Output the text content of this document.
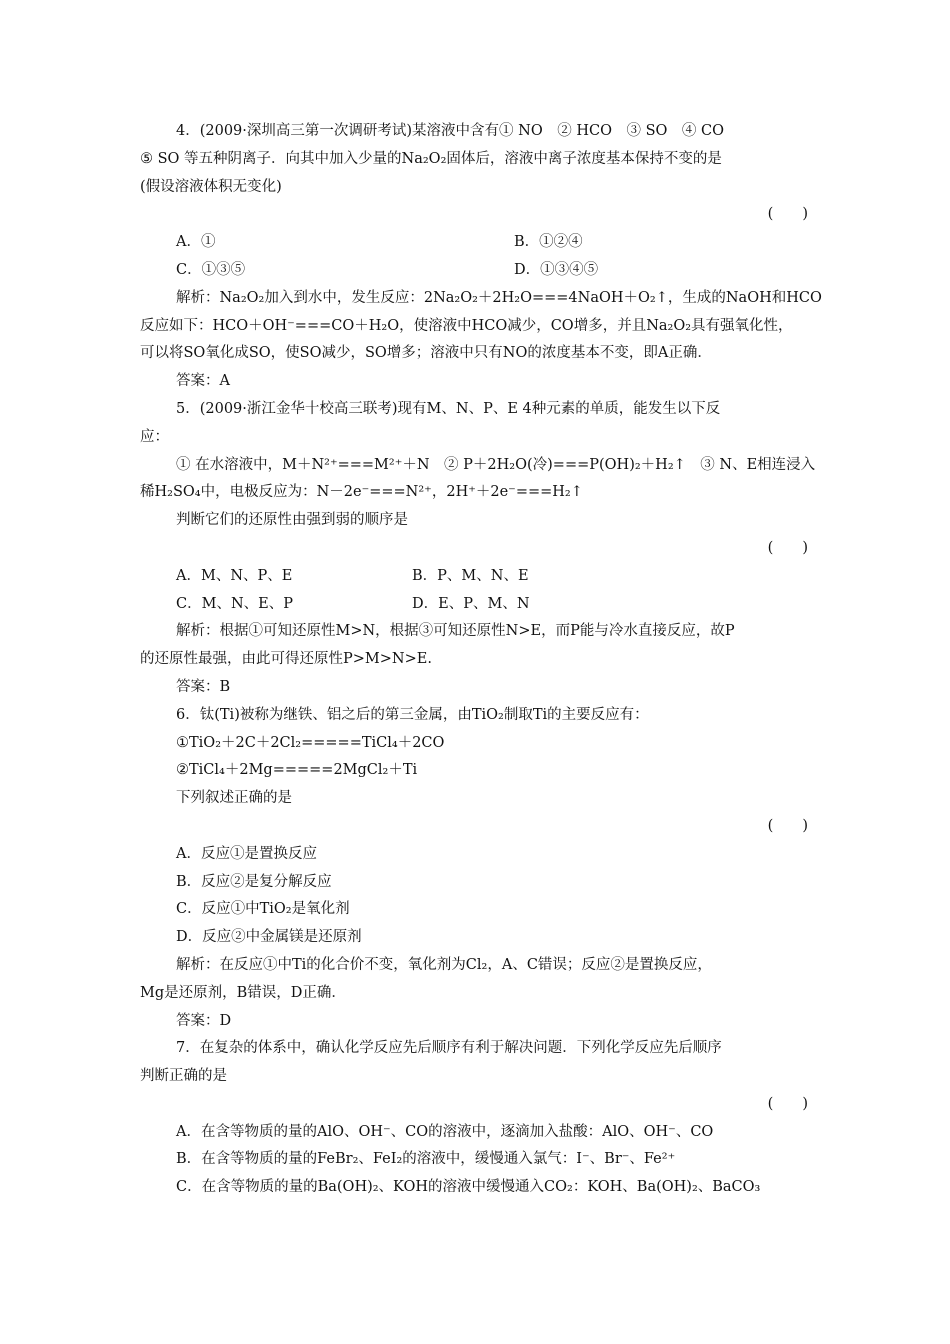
4．(2009·深圳高三第一次调研考试)某溶液中含有① NO　② HCO　③ SO　④ CO
⑤ SO 等五种阴离子．向其中加入少量的Na₂O₂固体后，溶液中离子浓度基本保持不变的是
(假设溶液体积无变化)
(　　)
A．①	B．①②④
C．①③⑤	D．①③④⑤
解析：Na₂O₂加入到水中，发生反应：2Na₂O₂＋2H₂O===4NaOH＋O₂↑，生成的NaOH和HCO
反应如下：HCO＋OH⁻===CO＋H₂O，使溶液中HCO减少，CO增多，并且Na₂O₂具有强氧化性，
可以将SO氧化成SO，使SO减少，SO增多；溶液中只有NO的浓度基本不变，即A正确．
答案：A
5．(2009·浙江金华十校高三联考)现有M、N、P、E 4种元素的单质，能发生以下反
应：
① 在水溶液中，M＋N²⁺===M²⁺＋N　② P＋2H₂O(冷)===P(OH)₂＋H₂↑　③ N、E相连浸入
稀H₂SO₄中，电极反应为：N－2e⁻===N²⁺，2H⁺＋2e⁻===H₂↑
判断它们的还原性由强到弱的顺序是
(　　)
A．M、N、P、E	B．P、M、N、E
C．M、N、E、P	D．E、P、M、N
解析：根据①可知还原性M>N，根据③可知还原性N>E，而P能与冷水直接反应，故P
的还原性最强，由此可得还原性P>M>N>E.
答案：B
6．钛(Ti)被称为继铁、铝之后的第三金属，由TiO₂制取Ti的主要反应有：
①TiO₂＋2C＋2Cl₂=====TiCl₄＋2CO
②TiCl₄＋2Mg=====2MgCl₂＋Ti
下列叙述正确的是
(　　)
A．反应①是置换反应
B．反应②是复分解反应
C．反应①中TiO₂是氧化剂
D．反应②中金属镁是还原剂
解析：在反应①中Ti的化合价不变，氧化剂为Cl₂，A、C错误；反应②是置换反应，
Mg是还原剂，B错误，D正确．
答案：D
7．在复杂的体系中，确认化学反应先后顺序有利于解决问题．下列化学反应先后顺序
判断正确的是
(　　)
A．在含等物质的量的AlO、OH⁻、CO的溶液中，逐滴加入盐酸：AlO、OH⁻、CO
B．在含等物质的量的FeBr₂、FeI₂的溶液中，缓慢通入氯气：I⁻、Br⁻、Fe²⁺
C．在含等物质的量的Ba(OH)₂、KOH的溶液中缓慢通入CO₂：KOH、Ba(OH)₂、BaCO₃
